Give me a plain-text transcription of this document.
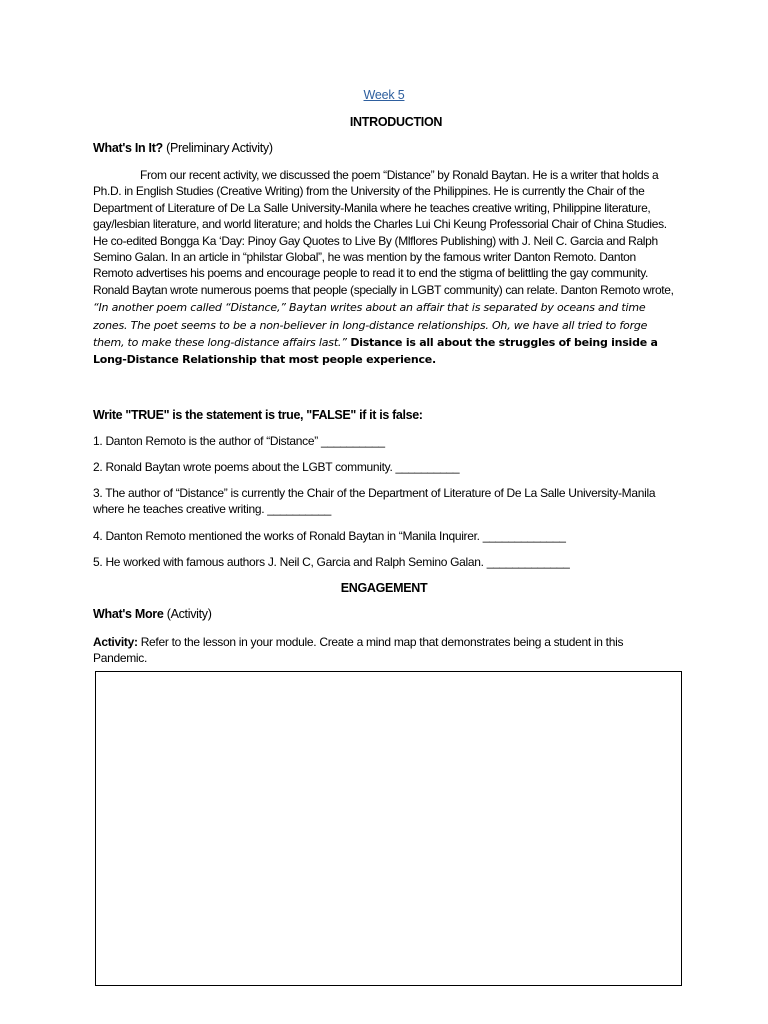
Week 5
INTRODUCTION
What's In It? (Preliminary Activity)

From our recent activity, we discussed the poem “Distance” by Ronald Baytan. He is a writer that holds a Ph.D. in English Studies (Creative Writing) from the University of the Philippines. He is currently the Chair of the Department of Literature of De La Salle University-Manila where he teaches creative writing, Philippine literature, gay/lesbian literature, and world literature; and holds the Charles Lui Chi Keung Professorial Chair of China Studies. He co-edited Bongga Ka ‘Day: Pinoy Gay Quotes to Live By (Mlflores Publishing) with J. Neil C. Garcia and Ralph Semino Galan. In an article in “philstar Global”, he was mention by the famous writer Danton Remoto. Danton Remoto advertises his poems and encourage people to read it to end the stigma of belittling the gay community. Ronald Baytan wrote numerous poems that people (specially in LGBT community) can relate. Danton Remoto wrote, “In another poem called “Distance,” Baytan writes about an affair that is separated by oceans and time zones. The poet seems to be a non-believer in long-distance relationships. Oh, we have all tried to forge them, to make these long-distance affairs last.” Distance is all about the struggles of being inside a Long-Distance Relationship that most people experience.

Write "TRUE" is the statement is true, "FALSE" if it is false:
1. Danton Remoto is the author of “Distance” __________
2. Ronald Baytan wrote poems about the LGBT community. __________
3. The author of “Distance” is currently the Chair of the Department of Literature of De La Salle University-Manila where he teaches creative writing. __________
4. Danton Remoto mentioned the works of Ronald Baytan in “Manila Inquirer. _____________
5. He worked with famous authors J. Neil C, Garcia and Ralph Semino Galan. _____________
ENGAGEMENT
What's More (Activity)

Activity: Refer to the lesson in your module. Create a mind map that demonstrates being a student in this Pandemic.
